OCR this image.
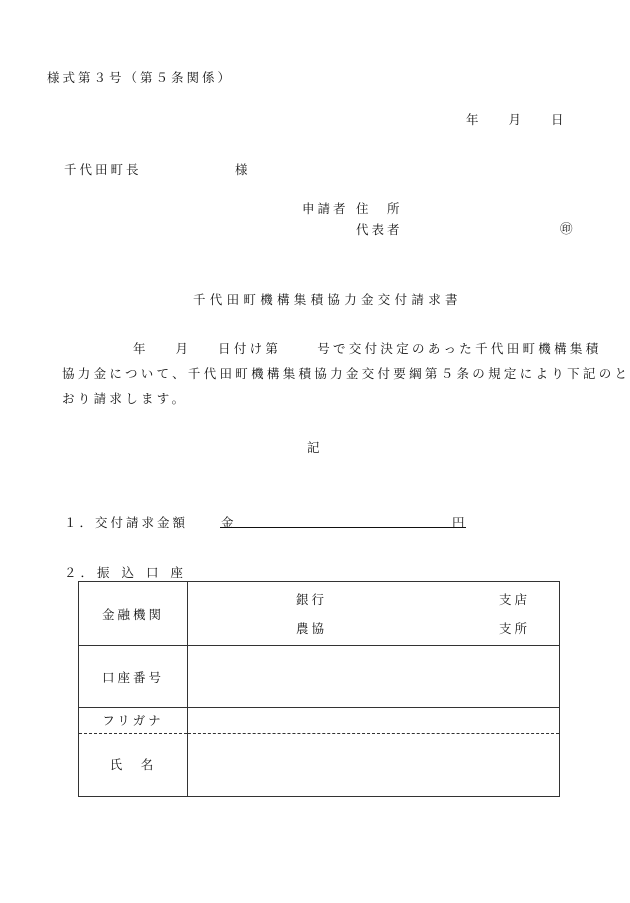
様式第３号（第５条関係）
年 月 日
千代田町長	様
申請者 住　所
代表者	㊞
千代田町機構集積協力金交付請求書
年 月 日付け第	号で交付決定のあった千代田町機構集積
協力金について、千代田町機構集積協力金交付要綱第５条の規定により下記のと
おり請求します。
記
１．交付請求金額	金	円
２．振 込 口 座
金融機関	銀行 支店
農協 支所

口座番号	

フリガナ
氏　名	
